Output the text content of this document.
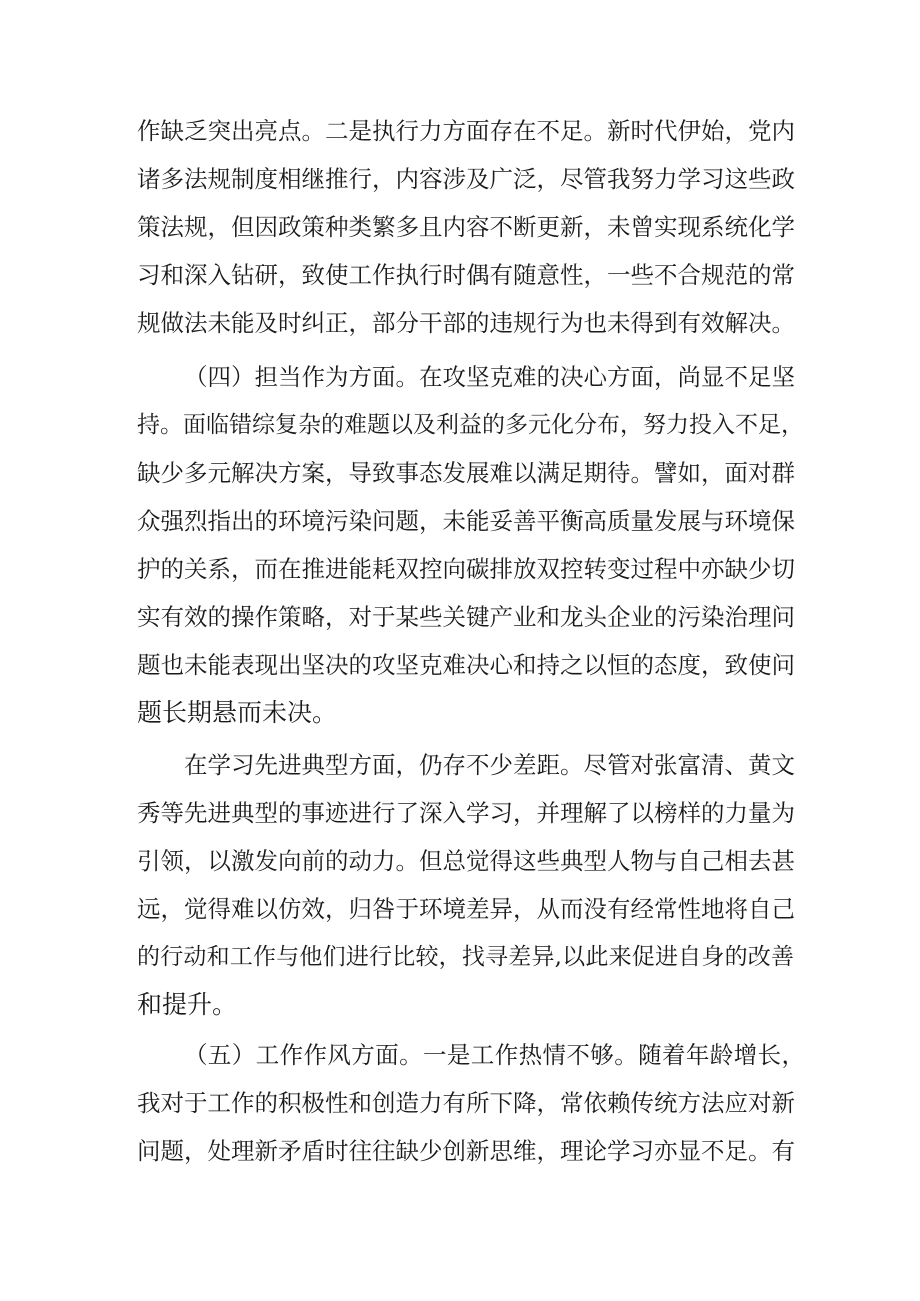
作缺乏突出亮点。二是执行力方面存在不足。新时代伊始，党内
诸多法规制度相继推行，内容涉及广泛，尽管我努力学习这些政
策法规，但因政策种类繁多且内容不断更新，未曾实现系统化学
习和深入钻研，致使工作执行时偶有随意性，一些不合规范的常
规做法未能及时纠正，部分干部的违规行为也未得到有效解决。
（四）担当作为方面。在攻坚克难的决心方面，尚显不足坚
持。面临错综复杂的难题以及利益的多元化分布，努力投入不足，
缺少多元解决方案，导致事态发展难以满足期待。譬如，面对群
众强烈指出的环境污染问题，未能妥善平衡高质量发展与环境保
护的关系，而在推进能耗双控向碳排放双控转变过程中亦缺少切
实有效的操作策略，对于某些关键产业和龙头企业的污染治理问
题也未能表现出坚决的攻坚克难决心和持之以恒的态度，致使问
题长期悬而未决。
在学习先进典型方面，仍存不少差距。尽管对张富清、黄文
秀等先进典型的事迹进行了深入学习，并理解了以榜样的力量为
引领，以激发向前的动力。但总觉得这些典型人物与自己相去甚
远，觉得难以仿效，归咎于环境差异，从而没有经常性地将自己
的行动和工作与他们进行比较，找寻差异,以此来促进自身的改善
和提升。
（五）工作作风方面。一是工作热情不够。随着年龄增长，
我对于工作的积极性和创造力有所下降，常依赖传统方法应对新
问题，处理新矛盾时往往缺少创新思维，理论学习亦显不足。有
